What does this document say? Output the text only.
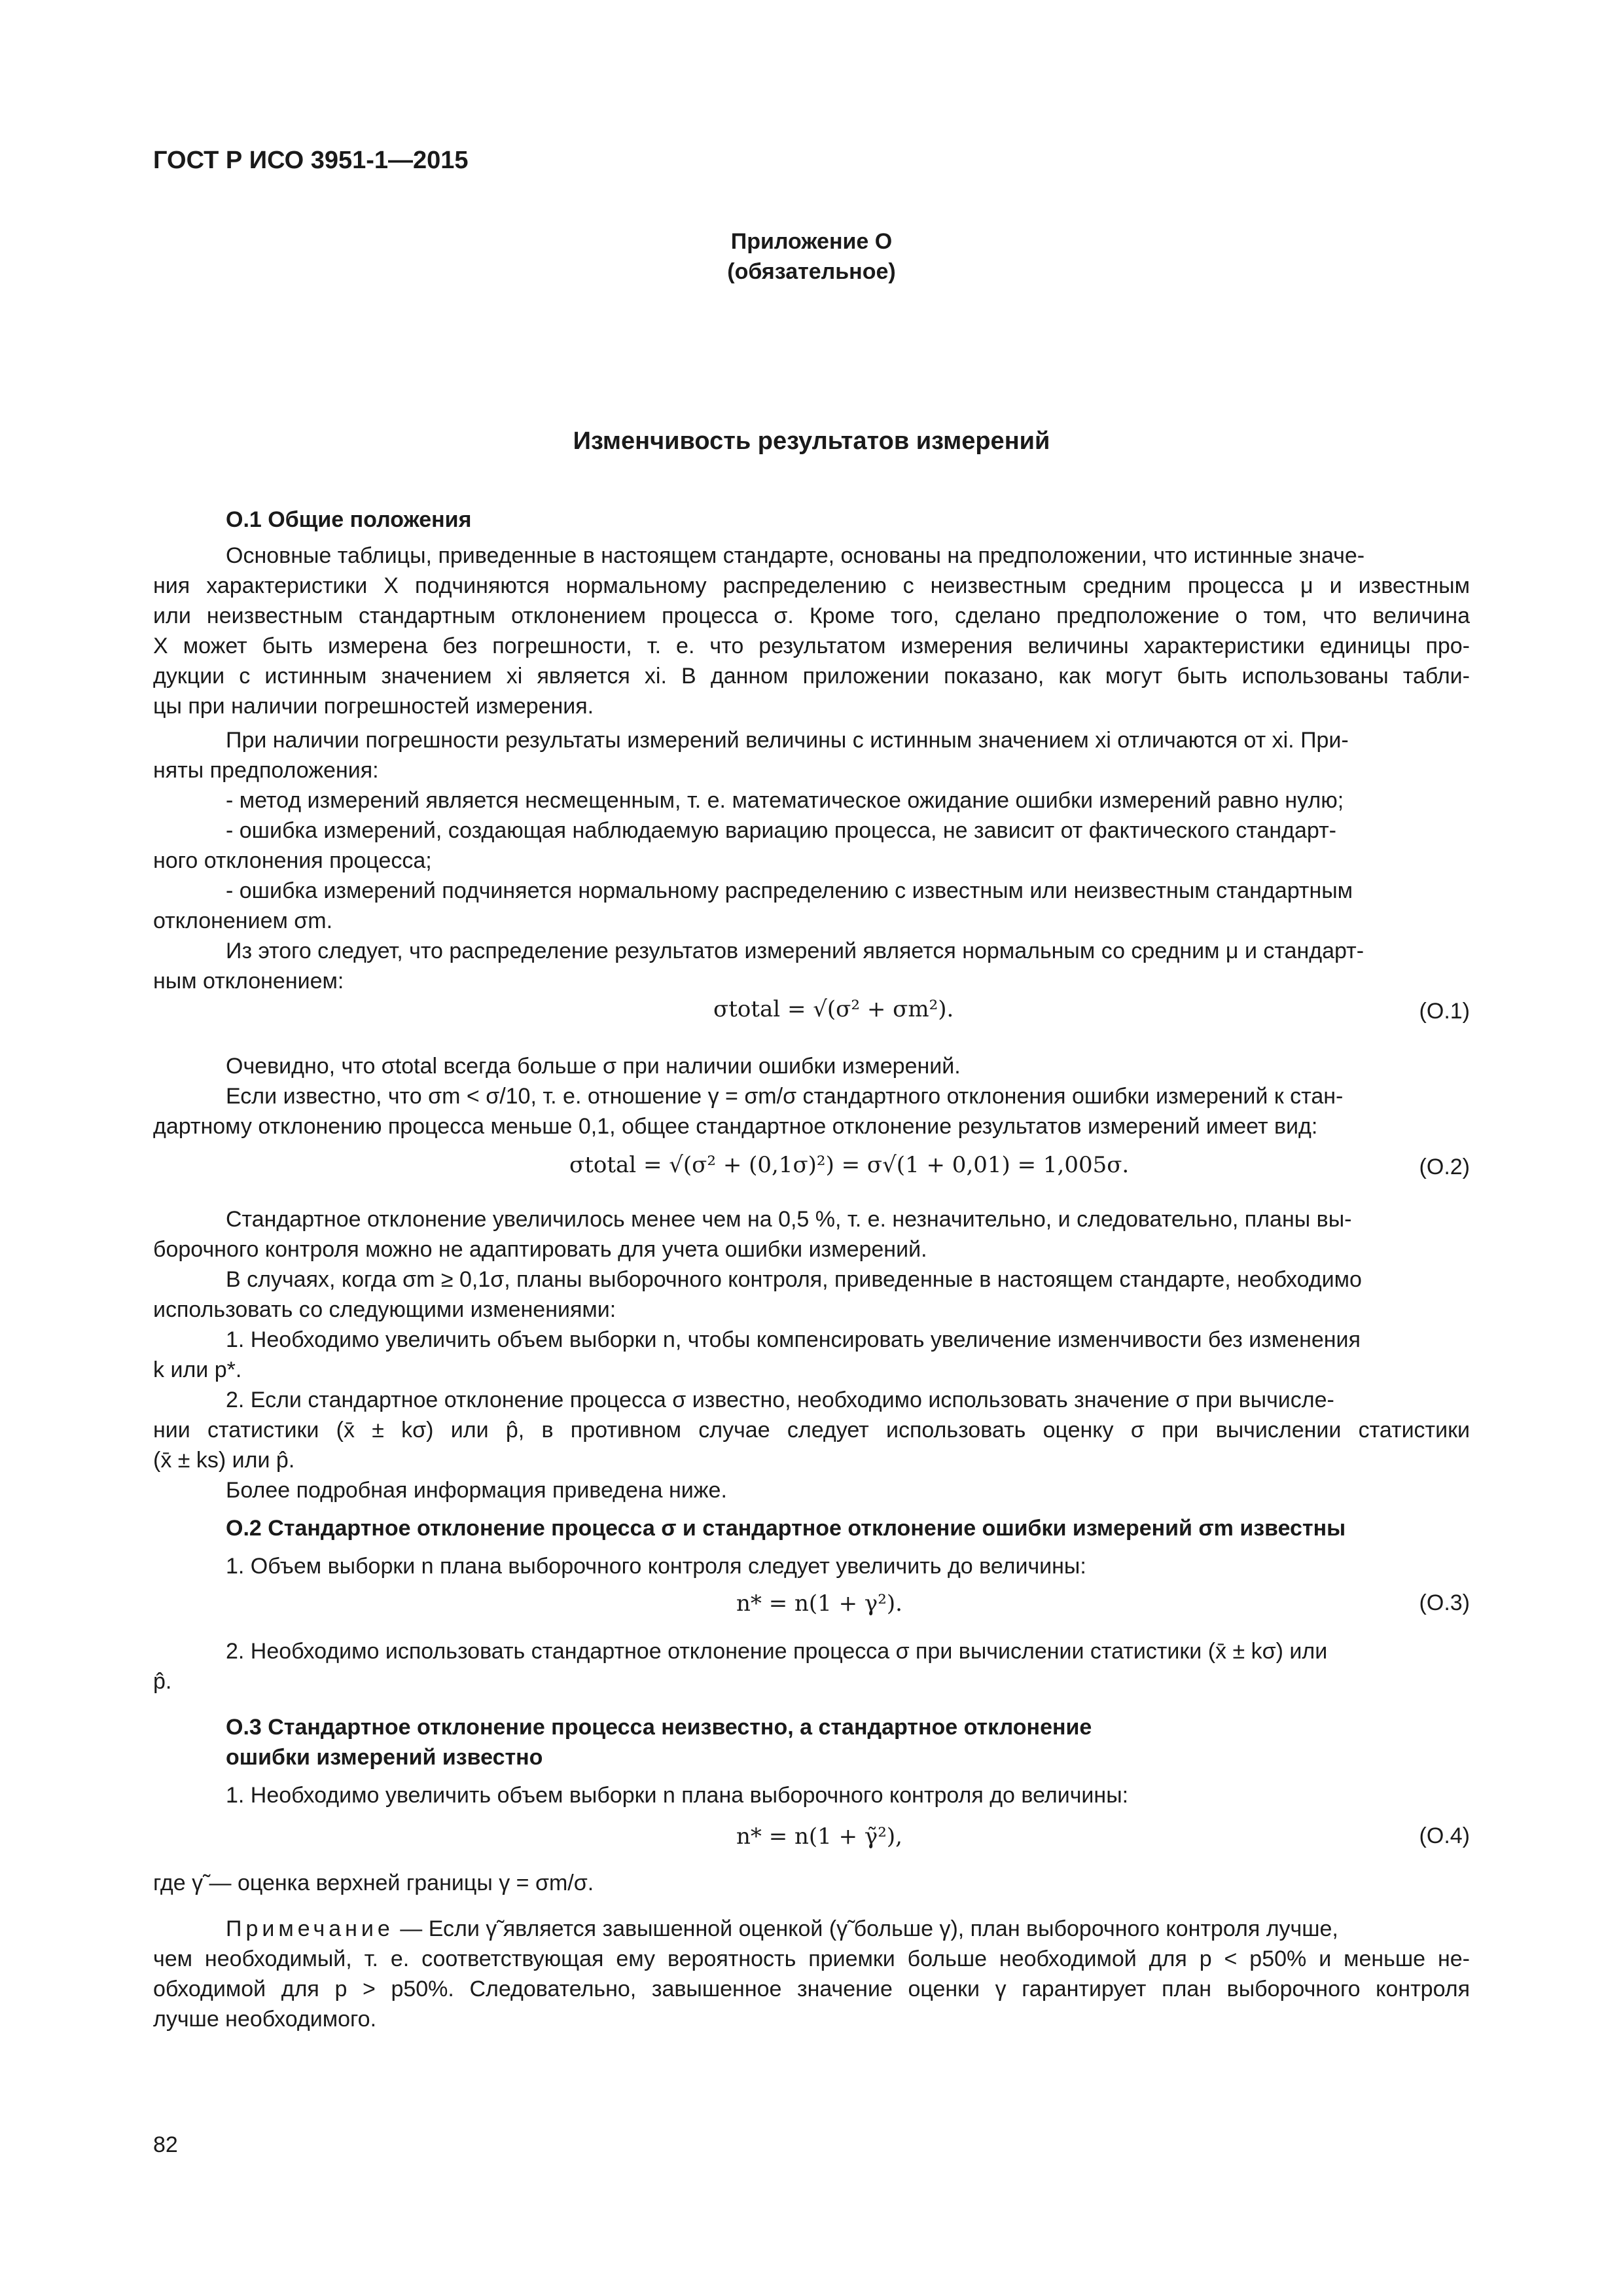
ГОСТ Р ИСО 3951-1—2015
Приложение О
(обязательное)
Изменчивость результатов измерений
О.1 Общие положения
Основные таблицы, приведенные в настоящем стандарте, основаны на предположении, что истинные значе-
ния характеристики X подчиняются нормальному распределению с неизвестным средним процесса μ и известным
или неизвестным стандартным отклонением процесса σ. Кроме того, сделано предположение о том, что величина
X может быть измерена без погрешности, т. е. что результатом измерения величины характеристики единицы про-
дукции с истинным значением xi является xi. В данном приложении показано, как могут быть использованы табли-
цы при наличии погрешностей измерения.
При наличии погрешности результаты измерений величины с истинным значением xi отличаются от xi. При-
няты предположения:
- метод измерений является несмещенным, т. е. математическое ожидание ошибки измерений равно нулю;
- ошибка измерений, создающая наблюдаемую вариацию процесса, не зависит от фактического стандарт-
ного отклонения процесса;
- ошибка измерений подчиняется нормальному распределению с известным или неизвестным стандартным
отклонением σm.
Из этого следует, что распределение результатов измерений является нормальным со средним μ и стандарт-
ным отклонением:
σtotal = √(σ² + σm²).	(О.1)
Очевидно, что σtotal всегда больше σ при наличии ошибки измерений.
Если известно, что σm < σ/10, т. е. отношение γ = σm/σ стандартного отклонения ошибки измерений к стан-
дартному отклонению процесса меньше 0,1, общее стандартное отклонение результатов измерений имеет вид:
σtotal = √(σ² + (0,1σ)²) = σ√(1 + 0,01) = 1,005σ.	(О.2)
Стандартное отклонение увеличилось менее чем на 0,5 %, т. е. незначительно, и следовательно, планы вы-
борочного контроля можно не адаптировать для учета ошибки измерений.
В случаях, когда σm ≥ 0,1σ, планы выборочного контроля, приведенные в настоящем стандарте, необходимо
использовать со следующими изменениями:
1. Необходимо увеличить объем выборки n, чтобы компенсировать увеличение изменчивости без изменения
k или p*.
2. Если стандартное отклонение процесса σ известно, необходимо использовать значение σ при вычисле-
нии статистики (x̄ ± kσ) или p̂, в противном случае следует использовать оценку σ при вычислении статистики
(x̄ ± ks) или p̂.
Более подробная информация приведена ниже.
О.2 Стандартное отклонение процесса σ и стандартное отклонение ошибки измерений σm известны
1. Объем выборки n плана выборочного контроля следует увеличить до величины:
n* = n(1 + γ²).	(О.3)
2. Необходимо использовать стандартное отклонение процесса σ при вычислении статистики (x̄ ± kσ) или
p̂.
О.3 Стандартное отклонение процесса неизвестно, а стандартное отклонение
ошибки измерений известно
1. Необходимо увеличить объем выборки n плана выборочного контроля до величины:
n* = n(1 + γ̃²),	(О.4)
где γ̃ — оценка верхней границы γ = σm/σ.
Примечание — Если γ̃ является завышенной оценкой (γ̃ больше γ), план выборочного контроля лучше,
чем необходимый, т. е. соответствующая ему вероятность приемки больше необходимой для p < p50% и меньше не-
обходимой для p > p50%. Следовательно, завышенное значение оценки γ гарантирует план выборочного контроля
лучше необходимого.
82
